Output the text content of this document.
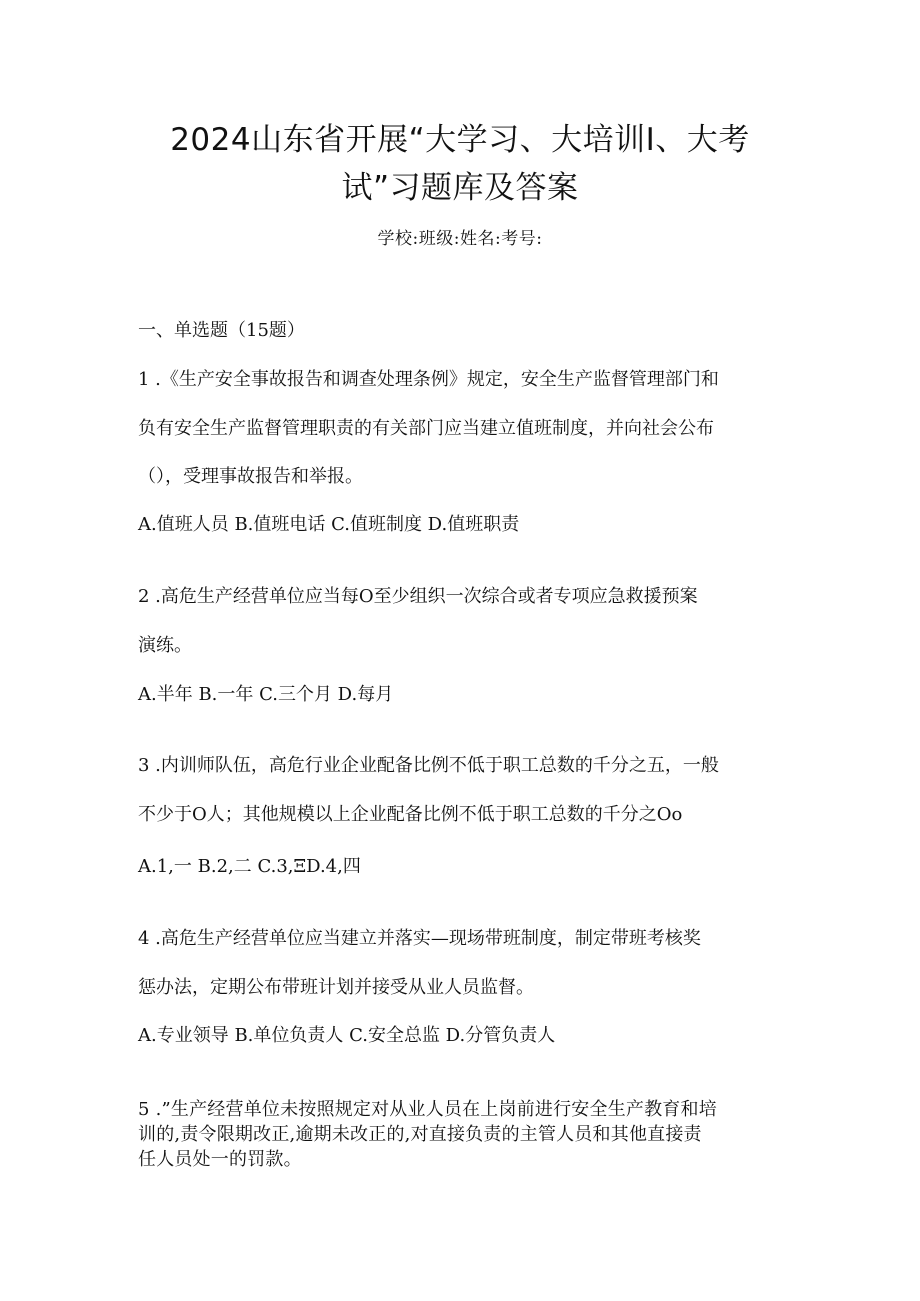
2024山东省开展“大学习、大培训Ⅰ、大考
试”习题库及答案
学校:班级:姓名:考号:
一、单选题（15题）
1 .《生产安全事故报告和调查处理条例》规定，安全生产监督管理部门和
负有安全生产监督管理职责的有关部门应当建立值班制度，并向社会公布
（），受理事故报告和举报。
A.值班人员 B.值班电话 C.值班制度 D.值班职责
2 .高危生产经营单位应当每O至少组织一次综合或者专项应急救援预案
演练。
A.半年 B.一年 C.三个月 D.每月
3 .内训师队伍，高危行业企业配备比例不低于职工总数的千分之五，一般
不少于O人；其他规模以上企业配备比例不低于职工总数的千分之Oo
A.1,一 B.2,二 C.3,ΞD.4,四
4 .高危生产经营单位应当建立并落实—现场带班制度，制定带班考核奖
惩办法，定期公布带班计划并接受从业人员监督。
A.专业领导 B.单位负责人 C.安全总监 D.分管负责人
5 .”生产经营单位未按照规定对从业人员在上岗前进行安全生产教育和培
训的,责令限期改正,逾期未改正的,对直接负责的主管人员和其他直接责
任人员处一的罚款。
